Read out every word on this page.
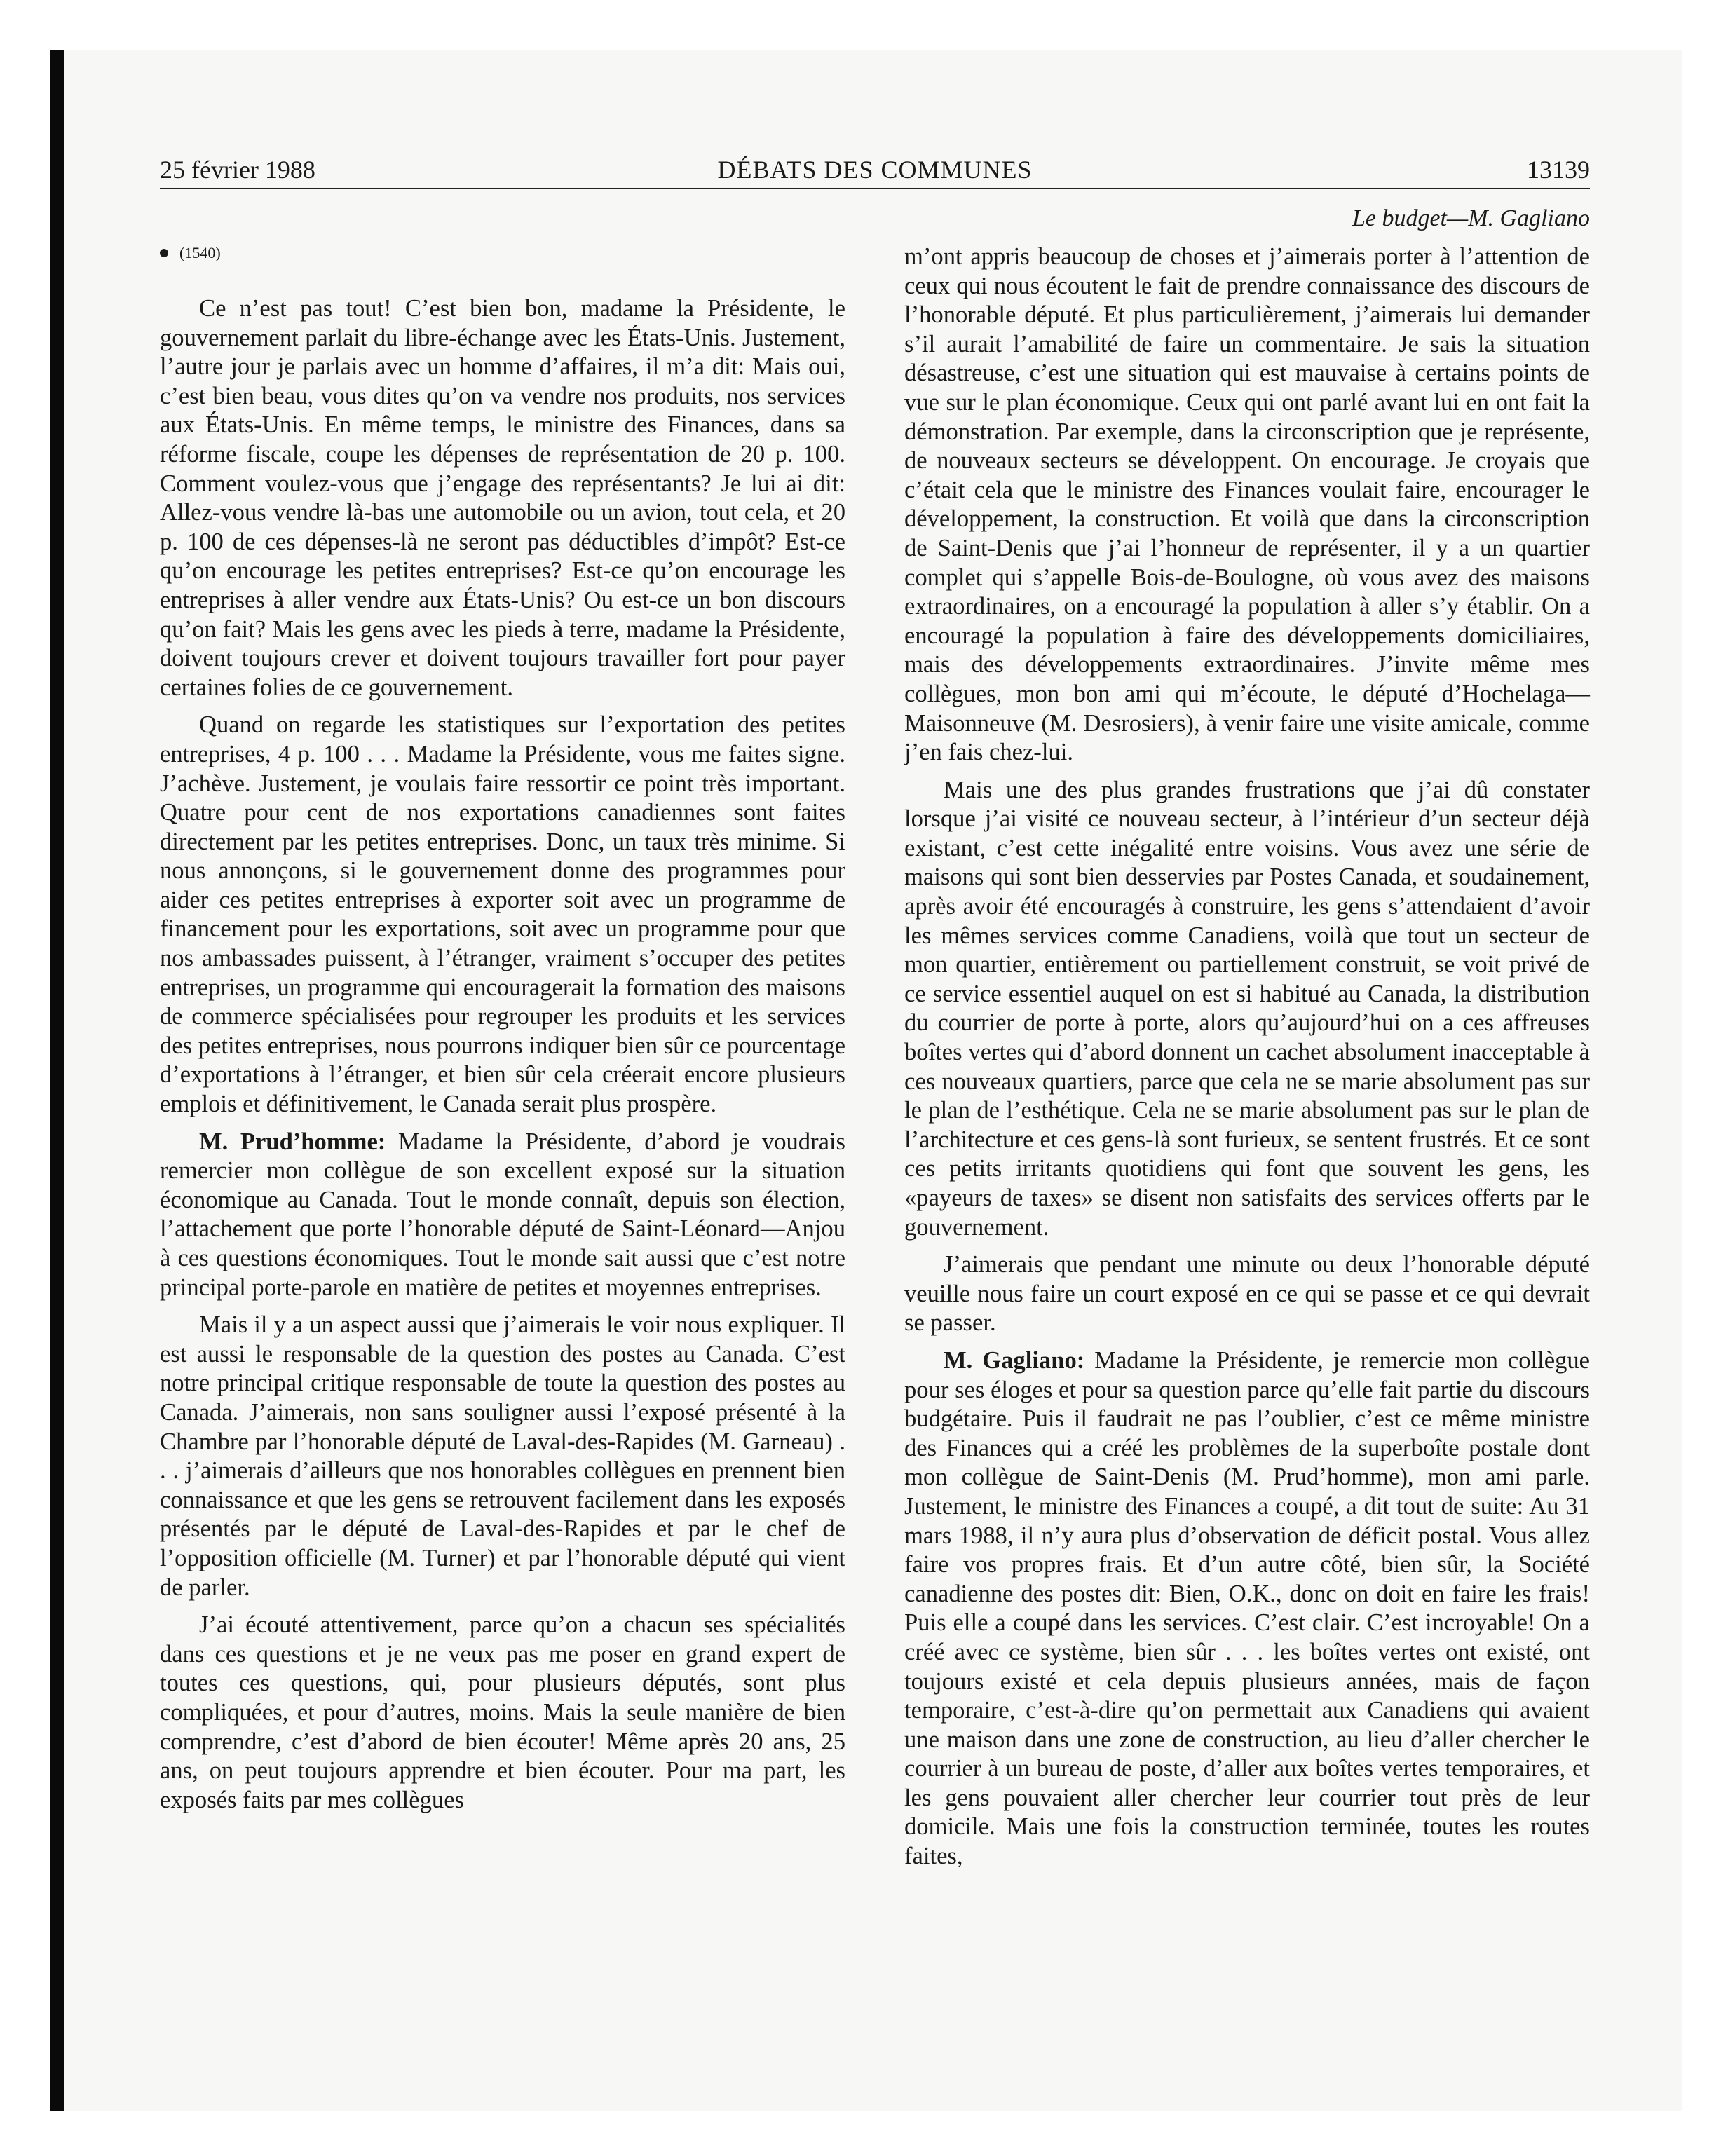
25 février 1988	DÉBATS DES COMMUNES	13139
Le budget—M. Gagliano
(1540)

Ce n’est pas tout! C’est bien bon, madame la Présidente, le gouvernement parlait du libre-échange avec les États-Unis. Justement, l’autre jour je parlais avec un homme d’affaires, il m’a dit: Mais oui, c’est bien beau, vous dites qu’on va vendre nos produits, nos services aux États-Unis. En même temps, le ministre des Finances, dans sa réforme fiscale, coupe les dépenses de représentation de 20 p. 100. Comment voulez-vous que j’engage des représentants? Je lui ai dit: Allez-vous vendre là-bas une automobile ou un avion, tout cela, et 20 p. 100 de ces dépenses-là ne seront pas déductibles d’impôt? Est-ce qu’on encourage les petites entreprises? Est-ce qu’on encourage les entreprises à aller vendre aux États-Unis? Ou est-ce un bon discours qu’on fait? Mais les gens avec les pieds à terre, madame la Présidente, doivent toujours crever et doivent toujours travailler fort pour payer certaines folies de ce gouvernement.

Quand on regarde les statistiques sur l’exportation des petites entreprises, 4 p. 100 . . . Madame la Présidente, vous me faites signe. J’achève. Justement, je voulais faire ressortir ce point très important. Quatre pour cent de nos exportations canadiennes sont faites directement par les petites entreprises. Donc, un taux très minime. Si nous annonçons, si le gouvernement donne des programmes pour aider ces petites entreprises à exporter soit avec un programme de financement pour les exportations, soit avec un programme pour que nos ambassades puissent, à l’étranger, vraiment s’occuper des petites entreprises, un programme qui encouragerait la formation des maisons de commerce spécialisées pour regrouper les produits et les services des petites entreprises, nous pourrons indiquer bien sûr ce pourcentage d’exportations à l’étranger, et bien sûr cela créerait encore plusieurs emplois et définitivement, le Canada serait plus prospère.

M. Prud’homme: Madame la Présidente, d’abord je voudrais remercier mon collègue de son excellent exposé sur la situation économique au Canada. Tout le monde connaît, depuis son élection, l’attachement que porte l’honorable député de Saint-Léonard—Anjou à ces questions économiques. Tout le monde sait aussi que c’est notre principal porte-parole en matière de petites et moyennes entreprises.

Mais il y a un aspect aussi que j’aimerais le voir nous expliquer. Il est aussi le responsable de la question des postes au Canada. C’est notre principal critique responsable de toute la question des postes au Canada. J’aimerais, non sans souligner aussi l’exposé présenté à la Chambre par l’honorable député de Laval-des-Rapides (M. Garneau) . . . j’aimerais d’ailleurs que nos honorables collègues en prennent bien connaissance et que les gens se retrouvent facilement dans les exposés présentés par le député de Laval-des-Rapides et par le chef de l’opposition officielle (M. Turner) et par l’honorable député qui vient de parler.

J’ai écouté attentivement, parce qu’on a chacun ses spécialités dans ces questions et je ne veux pas me poser en grand expert de toutes ces questions, qui, pour plusieurs députés, sont plus compliquées, et pour d’autres, moins. Mais la seule manière de bien comprendre, c’est d’abord de bien écouter! Même après 20 ans, 25 ans, on peut toujours apprendre et bien écouter. Pour ma part, les exposés faits par mes collègues

m’ont appris beaucoup de choses et j’aimerais porter à l’attention de ceux qui nous écoutent le fait de prendre connaissance des discours de l’honorable député. Et plus particulièrement, j’aimerais lui demander s’il aurait l’amabilité de faire un commentaire. Je sais la situation désastreuse, c’est une situation qui est mauvaise à certains points de vue sur le plan économique. Ceux qui ont parlé avant lui en ont fait la démonstration. Par exemple, dans la circonscription que je représente, de nouveaux secteurs se développent. On encourage. Je croyais que c’était cela que le ministre des Finances voulait faire, encourager le développement, la construction. Et voilà que dans la circonscription de Saint-Denis que j’ai l’honneur de représenter, il y a un quartier complet qui s’appelle Bois-de-Boulogne, où vous avez des maisons extraordinaires, on a encouragé la population à aller s’y établir. On a encouragé la population à faire des développements domiciliaires, mais des développements extraordinaires. J’invite même mes collègues, mon bon ami qui m’écoute, le député d’Hochelaga—Maisonneuve (M. Desrosiers), à venir faire une visite amicale, comme j’en fais chez-lui.

Mais une des plus grandes frustrations que j’ai dû constater lorsque j’ai visité ce nouveau secteur, à l’intérieur d’un secteur déjà existant, c’est cette inégalité entre voisins. Vous avez une série de maisons qui sont bien desservies par Postes Canada, et soudainement, après avoir été encouragés à construire, les gens s’attendaient d’avoir les mêmes services comme Canadiens, voilà que tout un secteur de mon quartier, entièrement ou partiellement construit, se voit privé de ce service essentiel auquel on est si habitué au Canada, la distribution du courrier de porte à porte, alors qu’aujourd’hui on a ces affreuses boîtes vertes qui d’abord donnent un cachet absolument inacceptable à ces nouveaux quartiers, parce que cela ne se marie absolument pas sur le plan de l’esthétique. Cela ne se marie absolument pas sur le plan de l’architecture et ces gens-là sont furieux, se sentent frustrés. Et ce sont ces petits irritants quotidiens qui font que souvent les gens, les «payeurs de taxes» se disent non satisfaits des services offerts par le gouvernement.

J’aimerais que pendant une minute ou deux l’honorable député veuille nous faire un court exposé en ce qui se passe et ce qui devrait se passer.

M. Gagliano: Madame la Présidente, je remercie mon collègue pour ses éloges et pour sa question parce qu’elle fait partie du discours budgétaire. Puis il faudrait ne pas l’oublier, c’est ce même ministre des Finances qui a créé les problèmes de la superboîte postale dont mon collègue de Saint-Denis (M. Prud’homme), mon ami parle. Justement, le ministre des Finances a coupé, a dit tout de suite: Au 31 mars 1988, il n’y aura plus d’observation de déficit postal. Vous allez faire vos propres frais. Et d’un autre côté, bien sûr, la Société canadienne des postes dit: Bien, O.K., donc on doit en faire les frais! Puis elle a coupé dans les services. C’est clair. C’est incroyable! On a créé avec ce système, bien sûr . . . les boîtes vertes ont existé, ont toujours existé et cela depuis plusieurs années, mais de façon temporaire, c’est-à-dire qu’on permettait aux Canadiens qui avaient une maison dans une zone de construction, au lieu d’aller chercher le courrier à un bureau de poste, d’aller aux boîtes vertes temporaires, et les gens pouvaient aller chercher leur courrier tout près de leur domicile. Mais une fois la construction terminée, toutes les routes faites,
